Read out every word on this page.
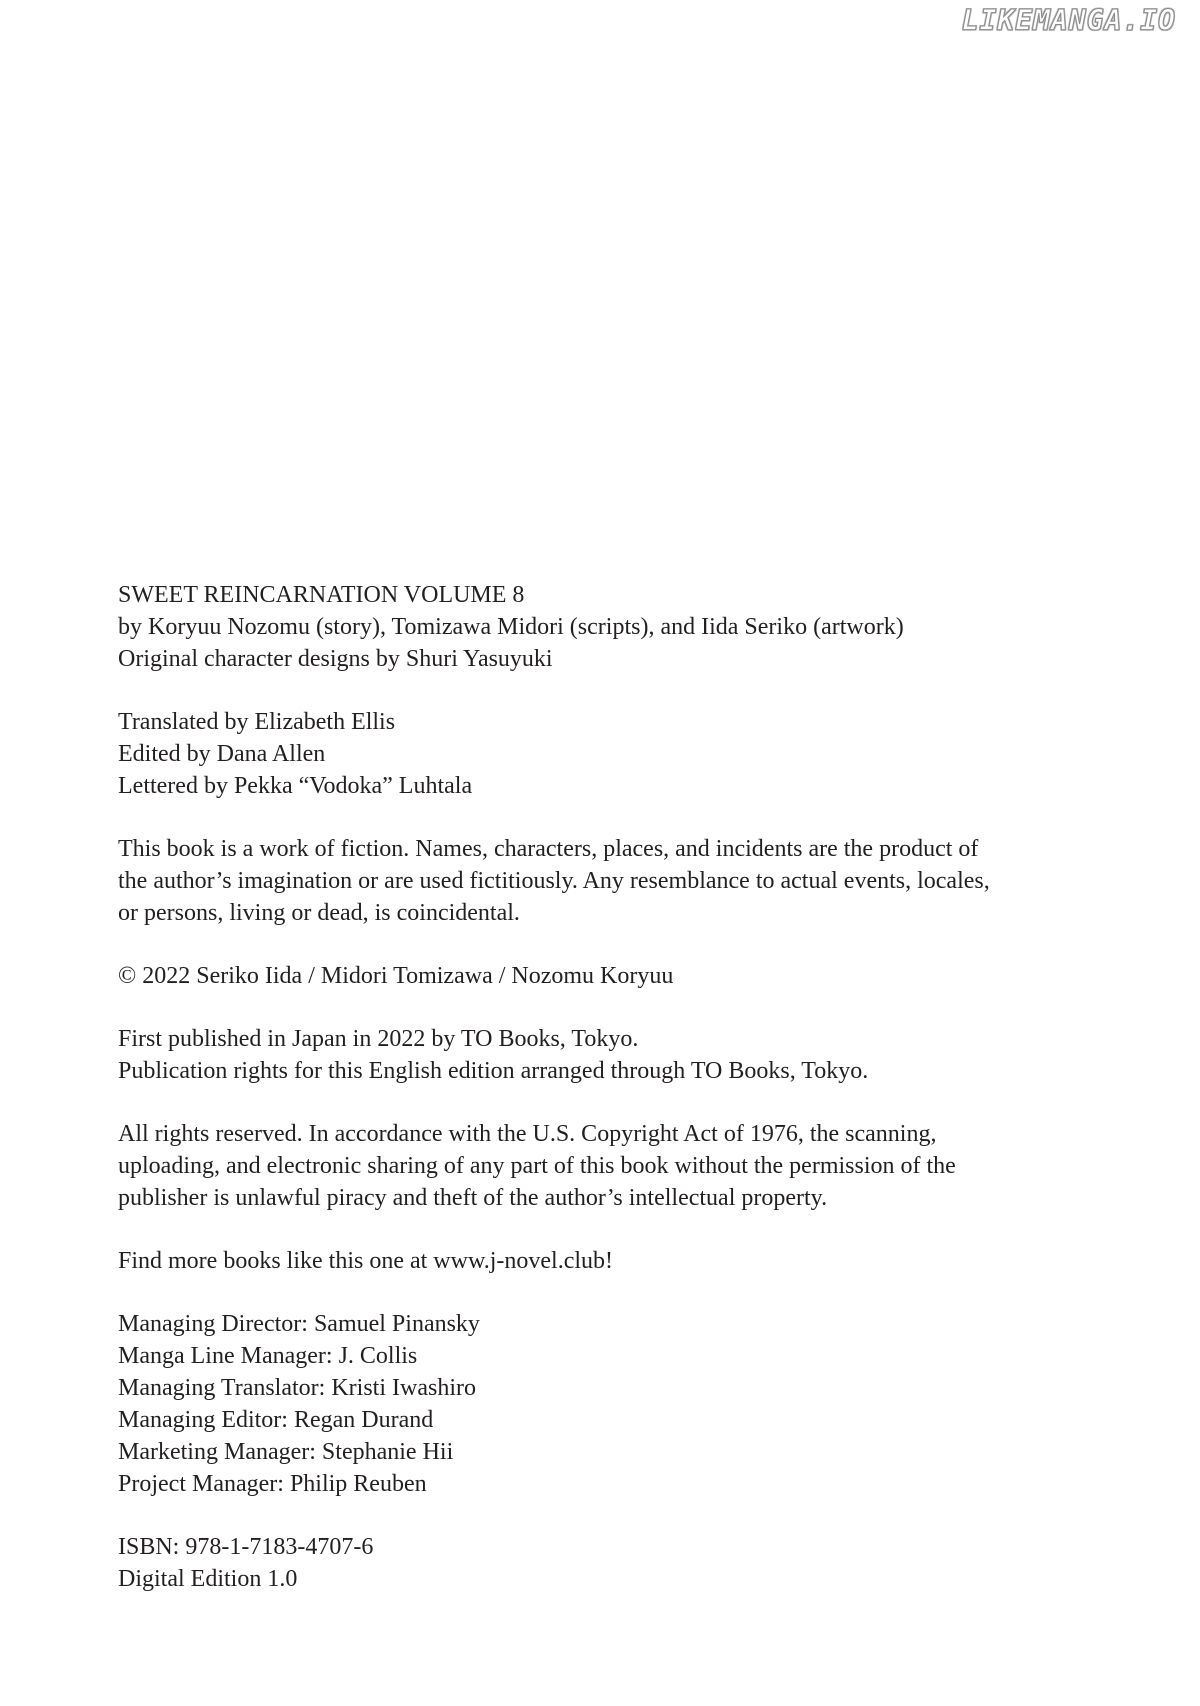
LIKEMANGA.IO
SWEET REINCARNATION VOLUME 8
by Koryuu Nozomu (story), Tomizawa Midori (scripts), and Iida Seriko (artwork)
Original character designs by Shuri Yasuyuki
Translated by Elizabeth Ellis
Edited by Dana Allen
Lettered by Pekka “Vodoka” Luhtala
This book is a work of fiction. Names, characters, places, and incidents are the product of
the author’s imagination or are used fictitiously. Any resemblance to actual events, locales,
or persons, living or dead, is coincidental.
© 2022 Seriko Iida / Midori Tomizawa / Nozomu Koryuu
First published in Japan in 2022 by TO Books, Tokyo.
Publication rights for this English edition arranged through TO Books, Tokyo.
All rights reserved. In accordance with the U.S. Copyright Act of 1976, the scanning,
uploading, and electronic sharing of any part of this book without the permission of the
publisher is unlawful piracy and theft of the author’s intellectual property.
Find more books like this one at www.j-novel.club!
Managing Director: Samuel Pinansky
Manga Line Manager: J. Collis
Managing Translator: Kristi Iwashiro
Managing Editor: Regan Durand
Marketing Manager: Stephanie Hii
Project Manager: Philip Reuben
ISBN: 978-1-7183-4707-6
Digital Edition 1.0
